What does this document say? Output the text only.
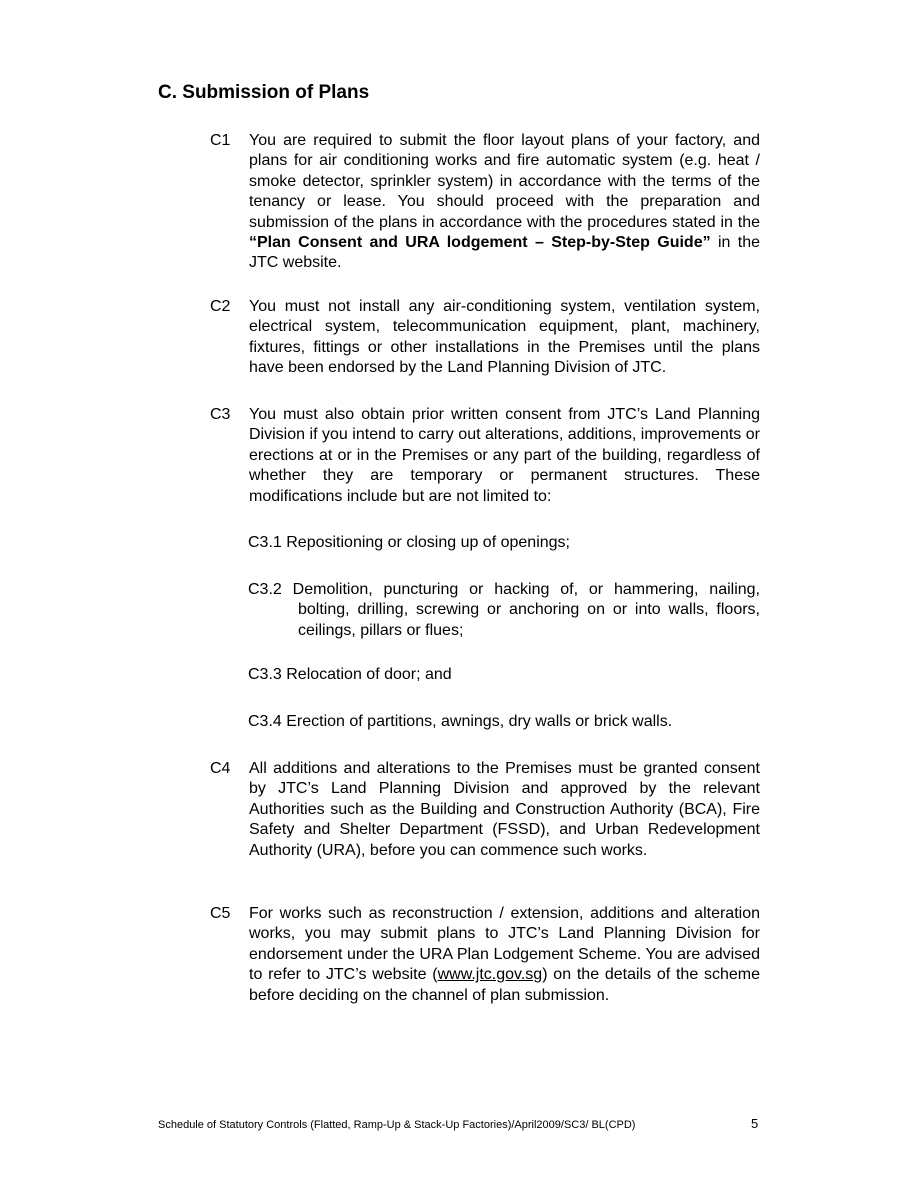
C. Submission of Plans
C1 You are required to submit the floor layout plans of your factory, and plans for air conditioning works and fire automatic system (e.g. heat / smoke detector, sprinkler system) in accordance with the terms of the tenancy or lease. You should proceed with the preparation and submission of the plans in accordance with the procedures stated in the “Plan Consent and URA lodgement – Step-by-Step Guide” in the JTC website.
C2 You must not install any air-conditioning system, ventilation system, electrical system, telecommunication equipment, plant, machinery, fixtures, fittings or other installations in the Premises until the plans have been endorsed by the Land Planning Division of JTC.
C3 You must also obtain prior written consent from JTC’s Land Planning Division if you intend to carry out alterations, additions, improvements or erections at or in the Premises or any part of the building, regardless of whether they are temporary or permanent structures. These modifications include but are not limited to:
C3.1 Repositioning or closing up of openings;
C3.2 Demolition, puncturing or hacking of, or hammering, nailing, bolting, drilling, screwing or anchoring on or into walls, floors, ceilings, pillars or flues;
C3.3 Relocation of door; and
C3.4 Erection of partitions, awnings, dry walls or brick walls.
C4 All additions and alterations to the Premises must be granted consent by JTC’s Land Planning Division and approved by the relevant Authorities such as the Building and Construction Authority (BCA), Fire Safety and Shelter Department (FSSD), and Urban Redevelopment Authority (URA), before you can commence such works.
C5 For works such as reconstruction / extension, additions and alteration works, you may submit plans to JTC’s Land Planning Division for endorsement under the URA Plan Lodgement Scheme. You are advised to refer to JTC’s website (www.jtc.gov.sg) on the details of the scheme before deciding on the channel of plan submission.
Schedule of Statutory Controls (Flatted, Ramp-Up & Stack-Up Factories)/April2009/SC3/ BL(CPD)	5
